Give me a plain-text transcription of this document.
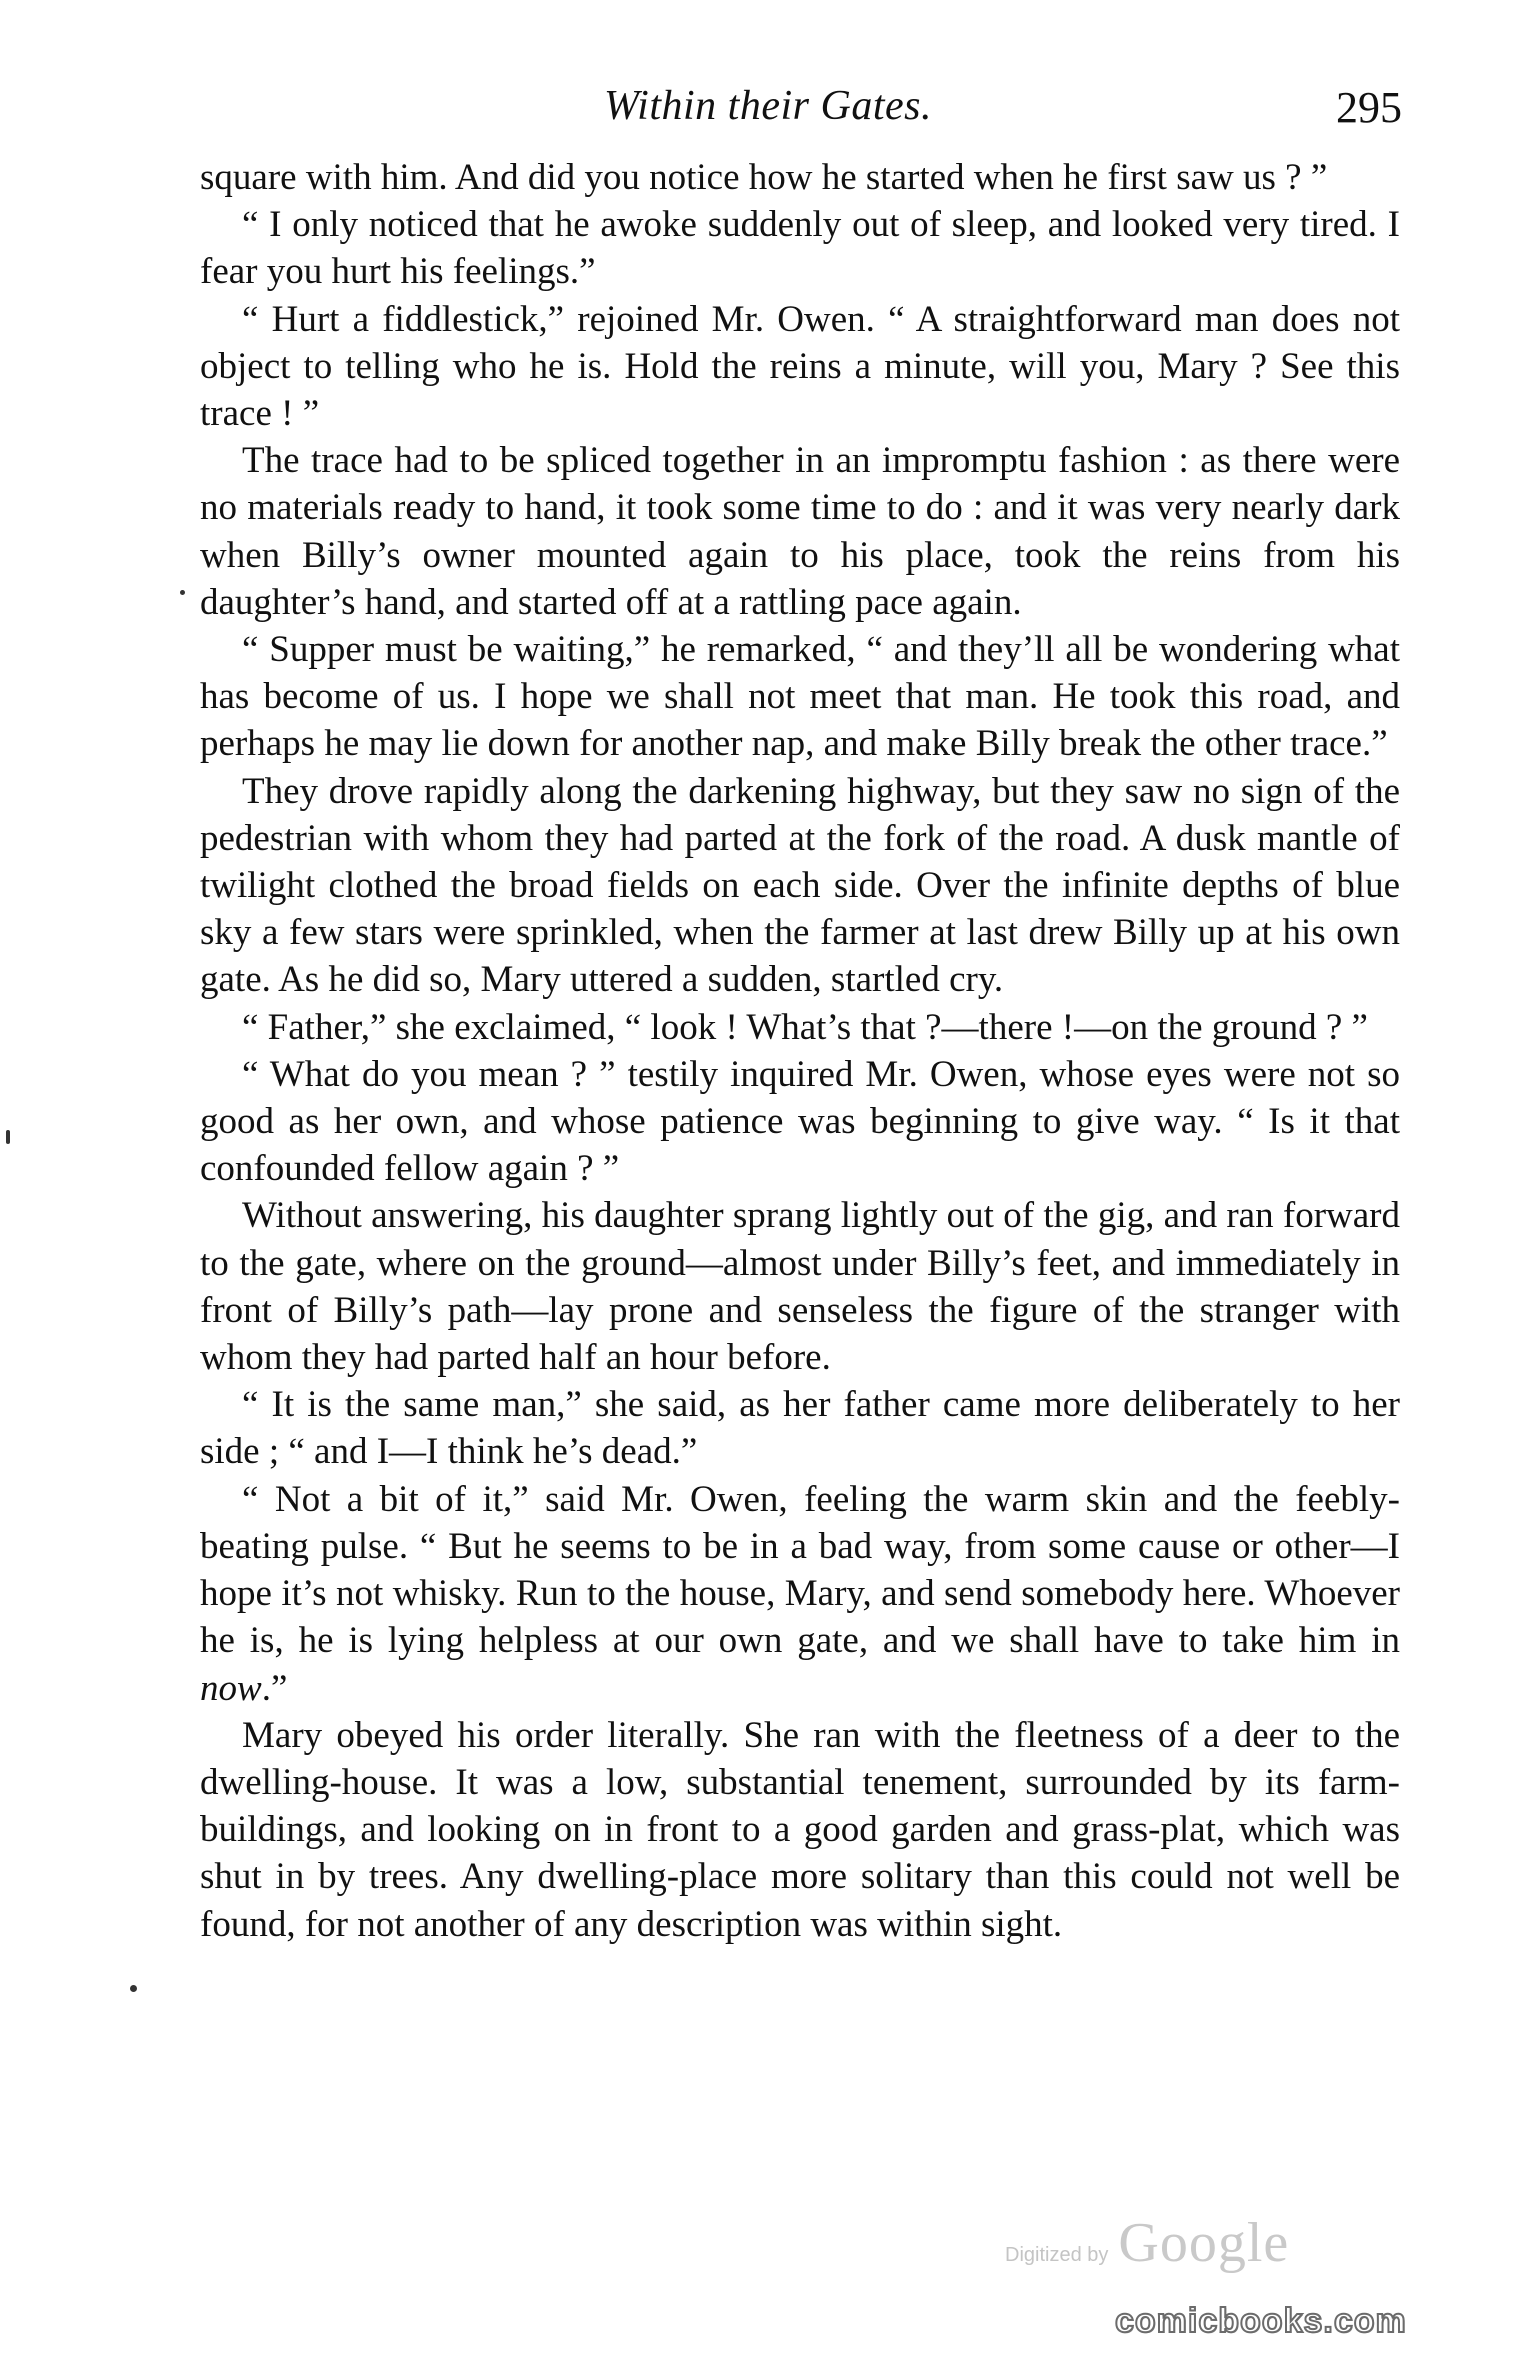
Within their Gates.	295

square with him. And did you notice how he started when he first saw us ? ”

“ I only noticed that he awoke suddenly out of sleep, and looked very tired. I fear you hurt his feelings.”

“ Hurt a fiddlestick,” rejoined Mr. Owen. “ A straightforward man does not object to telling who he is. Hold the reins a minute, will you, Mary ? See this trace ! ”

The trace had to be spliced together in an impromptu fashion : as there were no materials ready to hand, it took some time to do : and it was very nearly dark when Billy’s owner mounted again to his place, took the reins from his daughter’s hand, and started off at a rattling pace again.

“ Supper must be waiting,” he remarked, “ and they’ll all be wondering what has become of us. I hope we shall not meet that man. He took this road, and perhaps he may lie down for another nap, and make Billy break the other trace.”

They drove rapidly along the darkening highway, but they saw no sign of the pedestrian with whom they had parted at the fork of the road. A dusk mantle of twilight clothed the broad fields on each side. Over the infinite depths of blue sky a few stars were sprinkled, when the farmer at last drew Billy up at his own gate. As he did so, Mary uttered a sudden, startled cry.

“ Father,” she exclaimed, “ look ! What’s that ?—there !—on the ground ? ”

“ What do you mean ? ” testily inquired Mr. Owen, whose eyes were not so good as her own, and whose patience was beginning to give way. “ Is it that confounded fellow again ? ”

Without answering, his daughter sprang lightly out of the gig, and ran forward to the gate, where on the ground—almost under Billy’s feet, and immediately in front of Billy’s path—lay prone and senseless the figure of the stranger with whom they had parted half an hour before.

“ It is the same man,” she said, as her father came more deliberately to her side ; “ and I—I think he’s dead.”

“ Not a bit of it,” said Mr. Owen, feeling the warm skin and the feebly-beating pulse. “ But he seems to be in a bad way, from some cause or other—I hope it’s not whisky. Run to the house, Mary, and send somebody here. Whoever he is, he is lying helpless at our own gate, and we shall have to take him in now.”

Mary obeyed his order literally. She ran with the fleetness of a deer to the dwelling-house. It was a low, substantial tenement, surrounded by its farm-buildings, and looking on in front to a good garden and grass-plat, which was shut in by trees. Any dwelling-place more solitary than this could not well be found, for not another of any description was within sight.

Digitized by Google
comicbooks.com
